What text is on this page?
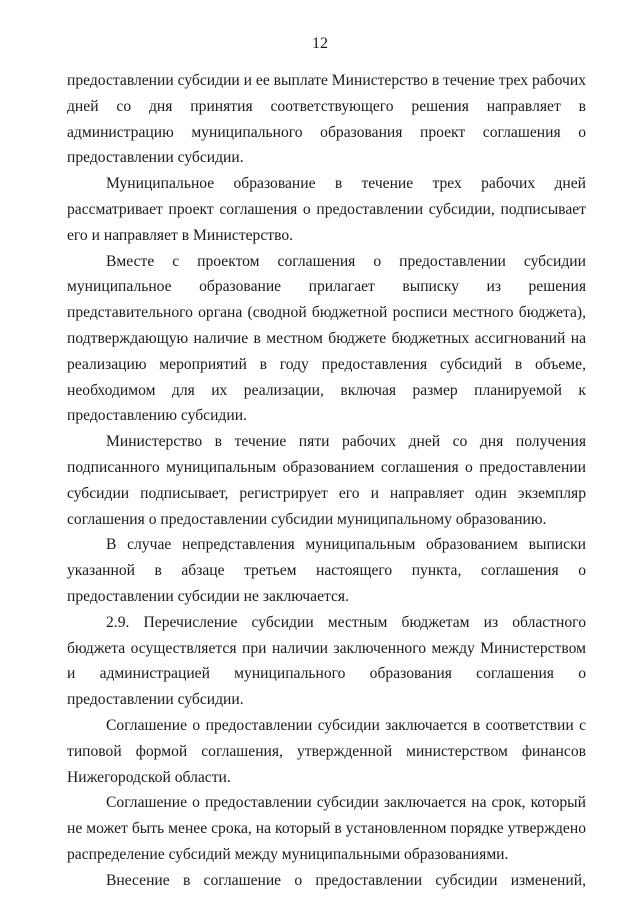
12

предоставлении субсидии и ее выплате Министерство в течение трех рабочих дней со дня принятия соответствующего решения направляет в администрацию муниципального образования проект соглашения о предоставлении субсидии.

Муниципальное образование в течение трех рабочих дней рассматривает проект соглашения о предоставлении субсидии, подписывает его и направляет в Министерство.

Вместе с проектом соглашения о предоставлении субсидии муниципальное образование прилагает выписку из решения представительного органа (сводной бюджетной росписи местного бюджета), подтверждающую наличие в местном бюджете бюджетных ассигнований на реализацию мероприятий в году предоставления субсидий в объеме, необходимом для их реализации, включая размер планируемой к предоставлению субсидии.

Министерство в течение пяти рабочих дней со дня получения подписанного муниципальным образованием соглашения о предоставлении субсидии подписывает, регистрирует его и направляет один экземпляр соглашения о предоставлении субсидии муниципальному образованию.

В случае непредставления муниципальным образованием выписки указанной в абзаце третьем настоящего пункта, соглашения о предоставлении субсидии не заключается.

2.9. Перечисление субсидии местным бюджетам из областного бюджета осуществляется при наличии заключенного между Министерством и администрацией муниципального образования соглашения о предоставлении субсидии.

Соглашение о предоставлении субсидии заключается в соответствии с типовой формой соглашения, утвержденной министерством финансов Нижегородской области.

Соглашение о предоставлении субсидии заключается на срок, который не может быть менее срока, на который в установленном порядке утверждено распределение субсидий между муниципальными образованиями.

Внесение в соглашение о предоставлении субсидии изменений,
